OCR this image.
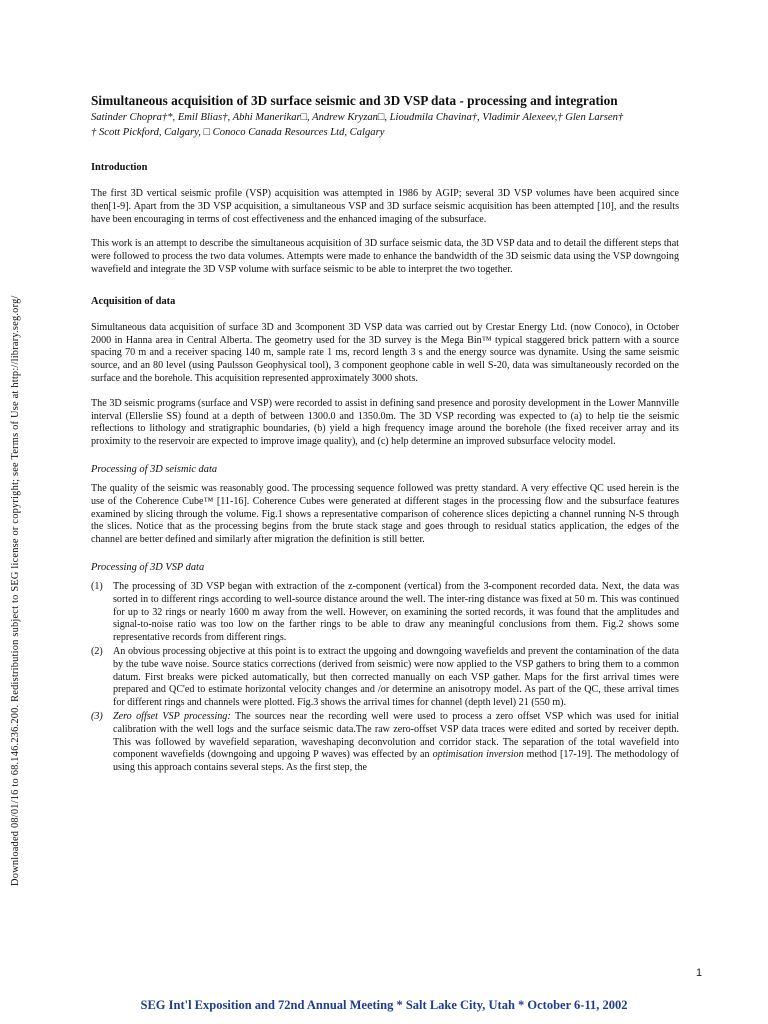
Downloaded 08/01/16 to 68.146.236.200. Redistribution subject to SEG license or copyright; see Terms of Use at http://library.seg.org/
Simultaneous acquisition of 3D surface seismic and 3D VSP data - processing and integration
Satinder Chopra†*, Emil Blias†, Abhi Manerikar□, Andrew Kryzan□, Lioudmila Chavina†, Vladimir Alexeev,† Glen Larsen†
† Scott Pickford, Calgary, □ Conoco Canada Resources Ltd, Calgary
Introduction

The first 3D vertical seismic profile (VSP) acquisition was attempted in 1986 by AGIP; several 3D VSP volumes have been acquired since then[1-9]. Apart from the 3D VSP acquisition, a simultaneous VSP and 3D surface seismic acquisition has been attempted [10], and the results have been encouraging in terms of cost effectiveness and the enhanced imaging of the subsurface.

This work is an attempt to describe the simultaneous acquisition of 3D surface seismic data, the 3D VSP data and to detail the different steps that were followed to process the two data volumes. Attempts were made to enhance the bandwidth of the 3D seismic data using the VSP downgoing wavefield and integrate the 3D VSP volume with surface seismic to be able to interpret the two together.

Acquisition of data

Simultaneous data acquisition of surface 3D and 3component 3D VSP data was carried out by Crestar Energy Ltd. (now Conoco), in October 2000 in Hanna area in Central Alberta. The geometry used for the 3D survey is the Mega Bin™ typical staggered brick pattern with a source spacing 70 m and a receiver spacing 140 m, sample rate 1 ms, record length 3 s and the energy source was dynamite. Using the same seismic source, and an 80 level (using Paulsson Geophysical tool), 3 component geophone cable in well S-20, data was simultaneously recorded on the surface and the borehole. This acquisition represented approximately 3000 shots.

The 3D seismic programs (surface and VSP) were recorded to assist in defining sand presence and porosity development in the Lower Mannville interval (Ellerslie SS) found at a depth of between 1300.0 and 1350.0m. The 3D VSP recording was expected to (a) to help tie the seismic reflections to lithology and stratigraphic boundaries, (b) yield a high frequency image around the borehole (the fixed receiver array and its proximity to the reservoir are expected to improve image quality), and (c) help determine an improved subsurface velocity model.

Processing of 3D seismic data

The quality of the seismic was reasonably good. The processing sequence followed was pretty standard. A very effective QC used herein is the use of the Coherence Cube™ [11-16]. Coherence Cubes were generated at different stages in the processing flow and the subsurface features examined by slicing through the volume. Fig.1 shows a representative comparison of coherence slices depicting a channel running N-S through the slices. Notice that as the processing begins from the brute stack stage and goes through to residual statics application, the edges of the channel are better defined and similarly after migration the definition is still better.

Processing of 3D VSP data
(1) The processing of 3D VSP began with extraction of the z-component (vertical) from the 3-component recorded data. Next, the data was sorted in to different rings according to well-source distance around the well. The inter-ring distance was fixed at 50 m. This was continued for up to 32 rings or nearly 1600 m away from the well. However, on examining the sorted records, it was found that the amplitudes and signal-to-noise ratio was too low on the farther rings to be able to draw any meaningful conclusions from them. Fig.2 shows some representative records from different rings.
(2) An obvious processing objective at this point is to extract the upgoing and downgoing wavefields and prevent the contamination of the data by the tube wave noise. Source statics corrections (derived from seismic) were now applied to the VSP gathers to bring them to a common datum. First breaks were picked automatically, but then corrected manually on each VSP gather. Maps for the first arrival times were prepared and QC'ed to estimate horizontal velocity changes and /or determine an anisotropy model. As part of the QC, these arrival times for different rings and channels were plotted. Fig.3 shows the arrival times for channel (depth level) 21 (550 m).
(3) Zero offset VSP processing: The sources near the recording well were used to process a zero offset VSP which was used for initial calibration with the well logs and the surface seismic data.The raw zero-offset VSP data traces were edited and sorted by receiver depth. This was followed by wavefield separation, waveshaping deconvolution and corridor stack. The separation of the total wavefield into component wavefields (downgoing and upgoing P waves) was effected by an optimisation inversion method [17-19]. The methodology of using this approach contains several steps. As the first step, the
1
SEG Int'l Exposition and 72nd Annual Meeting * Salt Lake City, Utah * October 6-11, 2002
